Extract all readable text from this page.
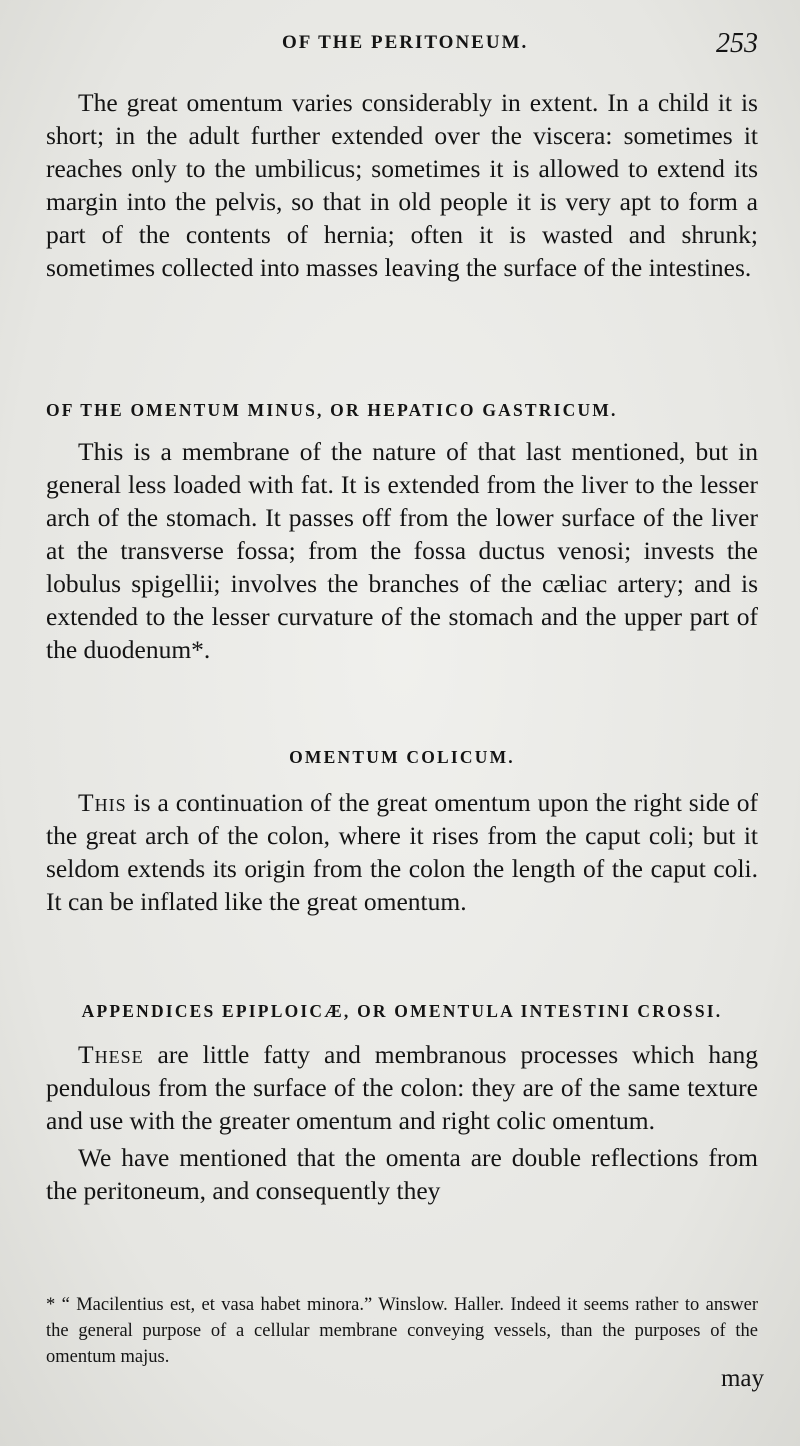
OF THE PERITONEUM.	253

The great omentum varies considerably in extent. In a child it is short; in the adult further extended over the viscera: sometimes it reaches only to the umbilicus; sometimes it is allowed to extend its margin into the pelvis, so that in old people it is very apt to form a part of the contents of hernia; often it is wasted and shrunk; sometimes collected into masses leaving the surface of the intestines.

OF THE OMENTUM MINUS, OR HEPATICO GASTRICUM.

This is a membrane of the nature of that last mentioned, but in general less loaded with fat. It is extended from the liver to the lesser arch of the stomach. It passes off from the lower surface of the liver at the transverse fossa; from the fossa ductus venosi; invests the lobulus spigellii; involves the branches of the cæliac artery; and is extended to the lesser curvature of the stomach and the upper part of the duodenum*.

OMENTUM COLICUM.

This is a continuation of the great omentum upon the right side of the great arch of the colon, where it rises from the caput coli; but it seldom extends its origin from the colon the length of the caput coli. It can be inflated like the great omentum.

APPENDICES EPIPLOICÆ, OR OMENTULA INTESTINI CROSSI.

These are little fatty and membranous processes which hang pendulous from the surface of the colon: they are of the same texture and use with the greater omentum and right colic omentum.

We have mentioned that the omenta are double reflections from the peritoneum, and consequently they

* “ Macilentius est, et vasa habet minora.” Winslow. Haller. Indeed it seems rather to answer the general purpose of a cellular membrane conveying vessels, than the purposes of the omentum majus.

may
